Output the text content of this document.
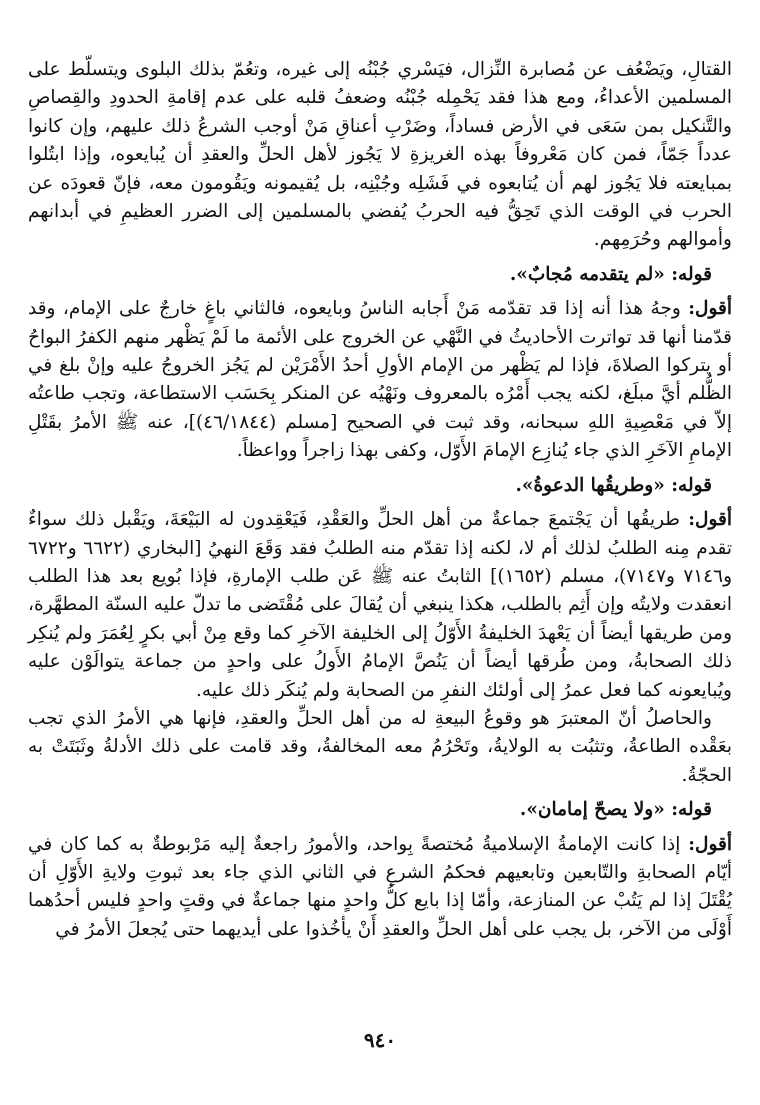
القتالِ، ويَضْعُف عن مُصابرة النِّزال، فيَسْري جُبْنُه إلى غيره، وتعُمّ بذلك البلوى ويتسلّط على المسلمين الأعداءُ، ومع هذا فقد يَحْمِله جُبْنُه وضعفُ قلبه على عدم إقامةِ الحدودِ والقِصاصِ والتَّنكيل بمن سَعَى في الأرض فساداً، وضَرْبِ أعناقِ مَنْ أوجب الشرعُ ذلك عليهم، وإن كانوا عدداً جَمّاً، فمن كان مَعْروفاً بهذه الغريزةِ لا يَجُوز لأهل الحلِّ والعقدِ أن يُبايعوه، وإذا ابتُلوا بمبايعته فلا يَجُوز لهم أن يُتابعوه في فَشَلِه وجُبْنِه، بل يُقيمونه ويَقُومون معه، فإنّ قعودَه عن الحرب في الوقت الذي تَحِقُّ فيه الحربُ يُفضي بالمسلمين إلى الضرر العظيمِ في أبدانهم وأموالهم وحُرَمِهم.

قوله: «لم يتقدمه مُجابٌ».

أقول: وجهُ هذا أنه إذا قد تقدّمه مَنْ أَجابه الناسُ وبايعوه، فالثاني باغٍ خارجٌ على الإمام، وقد قدّمنا أنها قد تواترت الأحاديثُ في النَّهْي عن الخروج على الأئمة ما لَمْ يَظْهر منهم الكفرُ البواحُ أو يتركوا الصلاةَ، فإذا لم يَظْهر من الإمام الأولِ أحدُ الأَمْرَيْن لم يَجُز الخروجُ عليه وإنْ بلغ في الظُّلم أيَّ مبلَغ، لكنه يجب أَمْرُه بالمعروف ونَهْيُه عن المنكر بِحَسَب الاستطاعة، وتجب طاعتُه إلاّ في مَعْصِيةِ اللهِ سبحانه، وقد ثبت في الصحيح [مسلم (٤٦/١٨٤٤)]، عنه ﷺ الأمرُ بقَتْلِ الإمامِ الآخَرِ الذي جاء يُنازِع الإمامَ الأَوّل، وكفى بهذا زاجراً وواعظاً.

قوله: «وطريقُها الدعوةُ».

أقول: طريقُها أن يَجْتمعَ جماعةٌ من أهل الحلِّ والعَقْدِ، فَيَعْقِدون له البَيْعَةَ، ويَقْبل ذلك سواءٌ تقدم مِنه الطلبُ لذلك أم لا، لكنه إذا تقدّم منه الطلبُ فقد وَقَعَ النهيُ [البخاري (٦٦٢٢ و٦٧٢٢ و٧١٤٦ و٧١٤٧)، مسلم (١٦٥٢)] الثابتُ عنه ﷺ عَن طلب الإمارةِ، فإذا بُويع بعد هذا الطلب انعقدت ولايتُه وإن أَثِم بالطلب، هكذا ينبغي أن يُقالَ على مُقْتَضى ما تدلّ عليه السنّة المطهَّرة، ومن طريقها أيضاً أن يَعْهدَ الخليفةُ الأَوّلُ إلى الخليفة الآخرِ كما وقع مِنْ أبي بكرٍ لِعُمَرَ ولم يُنكِر ذلك الصحابةُ، ومن طُرقها أيضاً أن يَنُصَّ الإمامُ الأَولُ على واحدٍ من جماعة يتوالَوْن عليه ويُبايعونه كما فعل عمرُ إلى أولئك النفرِ من الصحابة ولم يُنكَر ذلك عليه.

والحاصلُ أنّ المعتبرَ هو وقوعُ البيعةِ له من أهل الحلِّ والعقدِ، فإنها هي الأمرُ الذي تجب بعَقْده الطاعةُ، وتثبُت به الولايةُ، وتَحْرُمُ معه المخالفةُ، وقد قامت على ذلك الأدلةُ وثَبَتَتْ به الحجّةُ.

قوله: «ولا يصحّ إمامان».

أقول: إذا كانت الإمامةُ الإسلاميةُ مُختصةً بِواحد، والأمورُ راجعةٌ إليه مَرْبوطةٌ به كما كان في أيّام الصحابةِ والتّابعين وتابعيهم فحكمُ الشرعِ في الثاني الذي جاء بعد ثبوتِ ولايةِ الأَوّلِ أن يُقْتَلَ إذا لم يَتُبْ عن المنازعة، وأمّا إذا بايع كلُّ واحدٍ منها جماعةٌ في وقتٍ واحدٍ فليس أحدُهما أَوْلَى من الآخر، بل يجب على أهل الحلِّ والعقدِ أَنْ يأخُذوا على أيديهما حتى يُجعلَ الأمرُ في

٩٤٠
